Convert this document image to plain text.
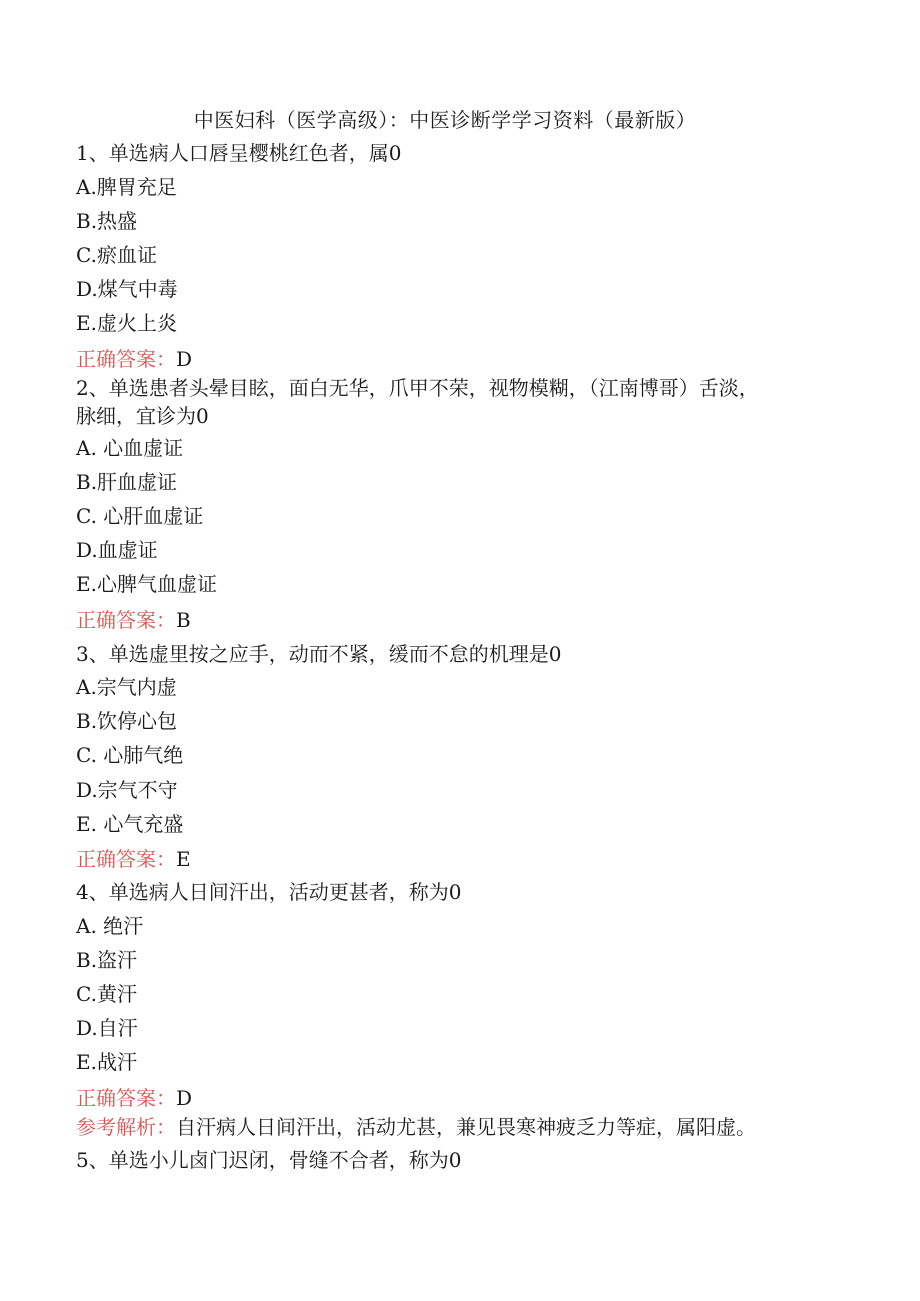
中医妇科（医学高级）：中医诊断学学习资料（最新版）
1、单选病人口唇呈樱桃红色者，属0
A.脾胃充足
B.热盛
C.瘀血证
D.煤气中毒
E.虚火上炎
正确答案：D
2、单选患者头晕目眩，面白无华，爪甲不荣，视物模糊，（江南博哥）舌淡，
脉细，宜诊为0
A. 心血虚证
B.肝血虚证
C. 心肝血虚证
D.血虚证
E.心脾气血虚证
正确答案：B
3、单选虚里按之应手，动而不紧，缓而不怠的机理是0
A.宗气内虚
B.饮停心包
C. 心肺气绝
D.宗气不守
E. 心气充盛
正确答案：E
4、单选病人日间汗出，活动更甚者，称为0
A. 绝汗
B.盗汗
C.黄汗
D.自汗
E.战汗
正确答案：D
参考解析：自汗病人日间汗出，活动尤甚，兼见畏寒神疲乏力等症，属阳虚。
5、单选小儿卤门迟闭，骨缝不合者，称为0
